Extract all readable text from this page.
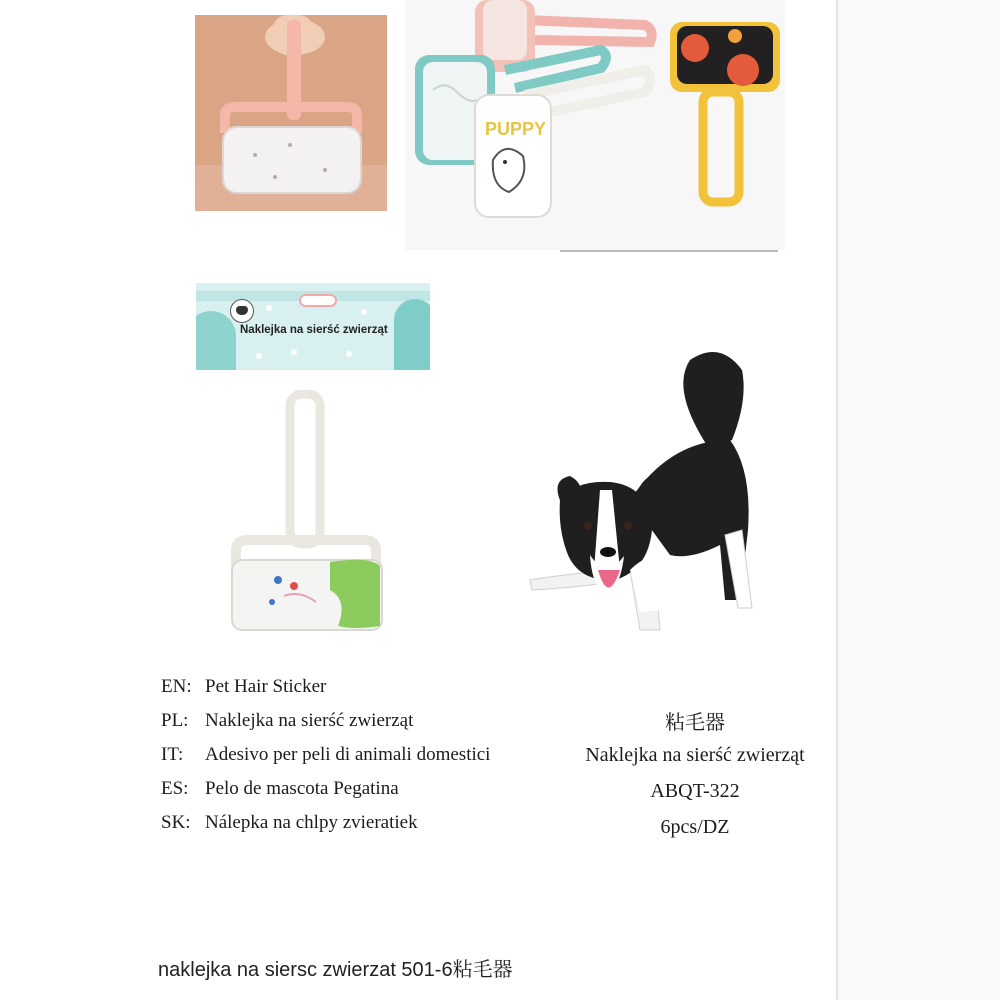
PUPPY
Naklejka na sierść zwierząt
EN: Pet Hair Sticker
PL: Naklejka na sierść zwierząt
IT: Adesivo per peli di animali domestici
ES: Pelo de mascota Pegatina
SK: Nálepka na chlpy zvieratiek
粘毛器
Naklejka na sierść zwierząt
ABQT-322
6pcs/DZ
naklejka na siersc zwierzat 501-6粘毛器
